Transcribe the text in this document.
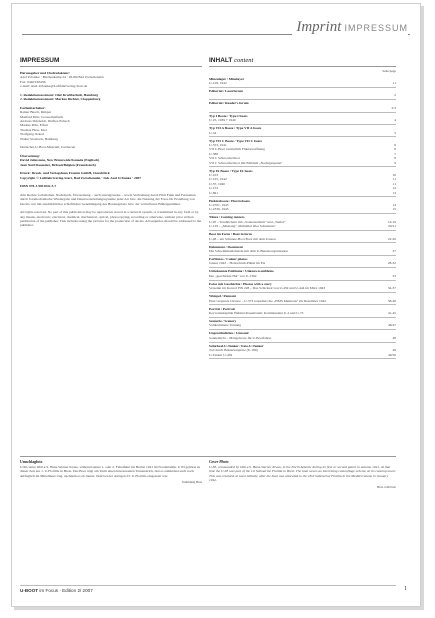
Imprint IMPRESSUM
IMPRESSUM
Herausgeber und Chefredakteur:
Axel Urbanke · Birchenkamp 24 · 26169 Bad Zwischenahn
Fax: 04403/63296
e-mail: Axel-Urbanke@Luftfahrtverlag-Start.de
1. Redaktionsassistent: Olaf Kraftberhölt, Hamburg
2. Redaktionsassistent: Markus Richter, Cloppenburg
Fachmitarbeiter:
Rainer Busch, Rimpar
Manfred Dörr, Grossollenfurth
Andreas Drieboldt, Dörfles-Esbach
Markus Pöhr, Erfurt
Thomas Hess, Kiel
Wolfgang Ockert
Walter Stoebeck, Hamburg
Deutsches U-Boot-Museum, Cuxhaven
Übersetzung:
David Johnstone, New Brunswick/Kanada (Englisch)
Jean Noël Daoustier, Brüssel/Belgien (Französisch)
Druck: Druck- und Verlagshaus Fromm GmbH, Osnabrück
Copyright © Luftfahrtverlag-Start, Bad Zwischenahn · Inh. Axel Urbanke · 2007
ISBN 978-3-9811042-5-7
Alle Rechte vorbehalten. Nachdruck, Übersetzung – auch auszugsweise – sowie Verbreitung durch Film Funk und Fernsehen, durch fotomechanische Wiedergabe und Datenverarbeitungssysteme jeder Art bzw. die Nutzung der Fotos für Erstellung von Decals, nur mit ausdrücklicher schriftlicher Genehmigung des Herausgebers bzw. der vertretbaren Bildeigentümer.
All rights reserved. No part of this publication may be reproduced, stored in a retrieval system, or transmitted in any form or by any means, electronic, electrical, chemical, mechanical, optical, photocopying, recording or otherwise, without prior written permission of the publisher. This includes using the pictures for the production of decals. All enquiries should be addressed to the publisher.
INHALT content
Seite/page
Minenleger / Minelayer
U-218, 1942	11
Editorial / Leserforum
2
Editorial / Reader's forum
2/3
Typ I Boote / Type I boats
U-25, 1939 + 1940	4
Typ VII A Boote / Type VII A boats
U-34	5
Typ VII C Boote / Type VII C boats
U-553, 1941	6
VII C-Boot vermutlich Flakbewaffnung	6
U-588	7
VII C Schnorchelboot	8
VII C Schnorchelboot mit Emblem „Nachtgespenst"	9
Typ IX Boote / Type IX boats
U-103	10
U-125, 1942	11
U-37, 1940	11
U-153	12
U-861	13
Elektroboote / Electroboats
U-4701, 1945	14
U-2330, 1945	15
Tänze / Coming tanzers
U-95 – Tendlöchern mit „Sonnenschirm" und „Teufel"	16-19
U-129 – „Mustang", Mahnmal aller Schnauzer!	20/21
Boot im Form / Boat in form
U-48 – ein Schnauz-Boot Boot mit dem Zossen	22-26
Dokument / Document
Die Schwimmanlehende mit dem U-Bundesorganisation	27
Farbfotos / Colour photos
Januar 1942 – Holzschnitt-Piktul im Eis	28-32
Unbekannte Embleme / Unknown emblems
Der „geschickte Hai" von U-1392	33
Fotos mit Geschichte / Photos with a story
Versenkt im Konvoi HX 228 – Das Schicksal von U-432 und U-444 im März 1943	34-37
Wimpel / Pennant
Eine verpasste Chance – U-373 torpediert die „HMS Mamerus" im Dezember 1942	38-40
Porträt / Portrait
Korvettenkapitän Helmut Rosenbaum, Kommandant U-2 und U-73	41-45
Szenerie / Scenery
Vollkommene Tarnung	46/47
Ungewöhnliches / Unusual
Sonnenlicht – Mangelware für U-Bootfahrer	48
Schicksal-U-Tanker / Fate-U-Tanker
Tod durch Bakterienplotte (U-180)	49
U-Tanker U-459	49/50
Umschlagfoto
U 60, unter Oblt.z.S. Hans-Werner Kraus, während seiner 1. oder 2. Feindfahrt im Herbst 1941 im Nordatlantik. U 83 gehörte zu dieser Zeit zur 1. U-Flottille in Brest. Das Boot trägt am Turm einen interessanten Tarnanstrich, den es zumindest auch noch anfänglich im Mittelmeer trug, nachdem es ab Januar 1942 bei der dortigen 23. U-Flottille eingesetzt war.
Sammlung Hess
Cover Photo
U-83, commanded by Oblt.z.S. Hans-Werner Kraus, in the North Atlantic during its first or second patrol in autumn 1941. At that time the U-83 was part of the 1st Submarine Flotilla in Brest. The boat wears an interesting camouflage scheme on its conning tower. This was retained, at least initially, after the boat was allocated to the 23rd Submarine Flotilla in the Mediterranean in January 1942.
Hess collection
U-BOOT im Focus · Edition 2/ 2007	1
